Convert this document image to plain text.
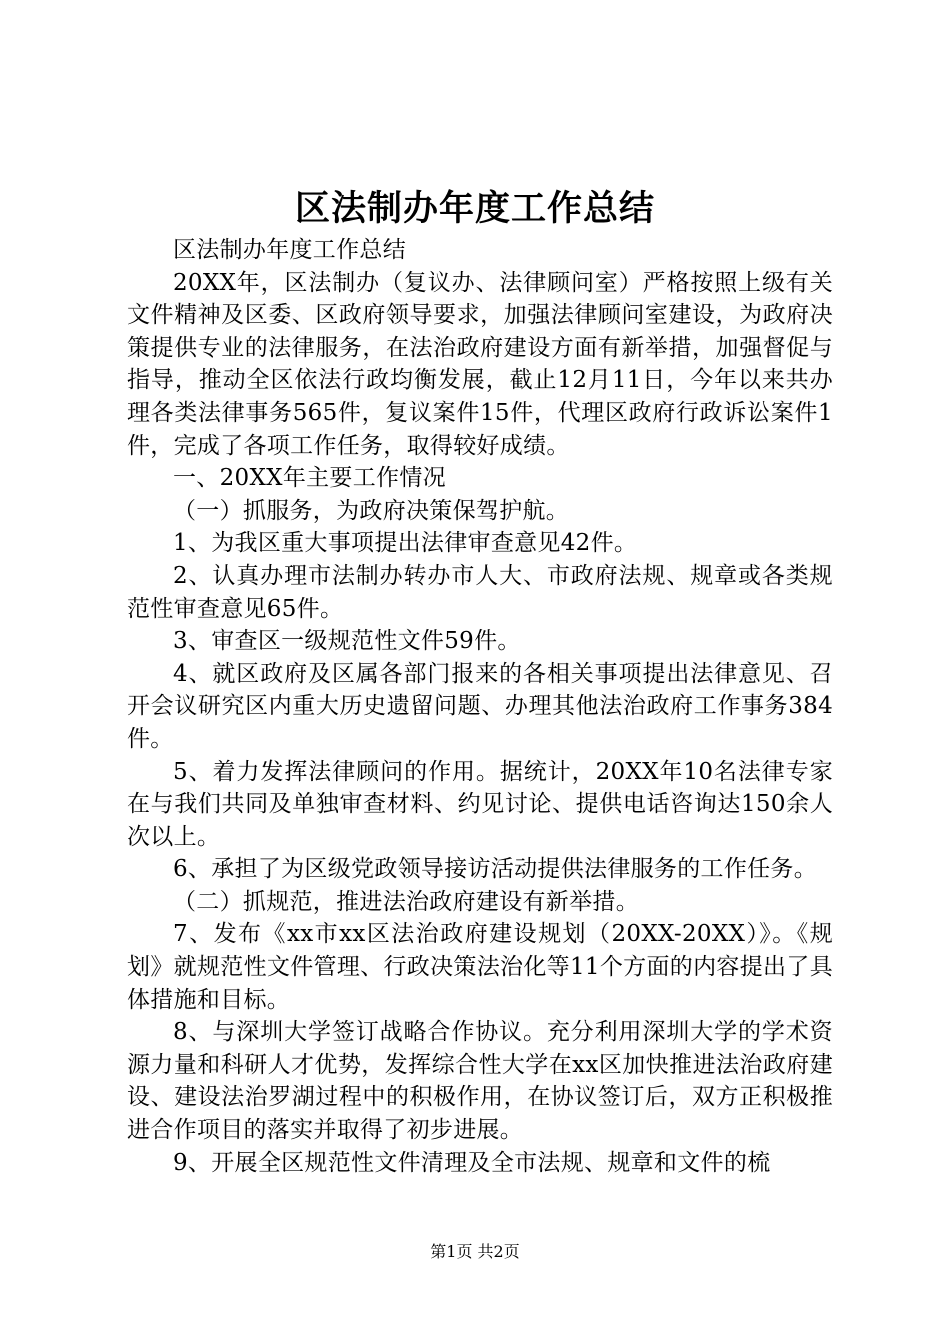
区法制办年度工作总结

区法制办年度工作总结

20XX年，区法制办（复议办、法律顾问室）严格按照上级有关文件精神及区委、区政府领导要求，加强法律顾问室建设，为政府决策提供专业的法律服务，在法治政府建设方面有新举措，加强督促与指导，推动全区依法行政均衡发展，截止12月11日，今年以来共办理各类法律事务565件，复议案件15件，代理区政府行政诉讼案件1件，完成了各项工作任务，取得较好成绩。

一、20XX年主要工作情况

（一）抓服务，为政府决策保驾护航。

1、为我区重大事项提出法律审查意见42件。

2、认真办理市法制办转办市人大、市政府法规、规章或各类规范性审查意见65件。

3、审查区一级规范性文件59件。

4、就区政府及区属各部门报来的各相关事项提出法律意见、召开会议研究区内重大历史遗留问题、办理其他法治政府工作事务384件。

5、着力发挥法律顾问的作用。据统计，20XX年10名法律专家在与我们共同及单独审查材料、约见讨论、提供电话咨询达150余人次以上。

6、承担了为区级党政领导接访活动提供法律服务的工作任务。

（二）抓规范，推进法治政府建设有新举措。

7、发布《xx市xx区法治政府建设规划（20XX-20XX）》。《规划》就规范性文件管理、行政决策法治化等11个方面的内容提出了具体措施和目标。

8、与深圳大学签订战略合作协议。充分利用深圳大学的学术资源力量和科研人才优势，发挥综合性大学在xx区加快推进法治政府建设、建设法治罗湖过程中的积极作用，在协议签订后，双方正积极推进合作项目的落实并取得了初步进展。

9、开展全区规范性文件清理及全市法规、规章和文件的梳

第1页 共2页
